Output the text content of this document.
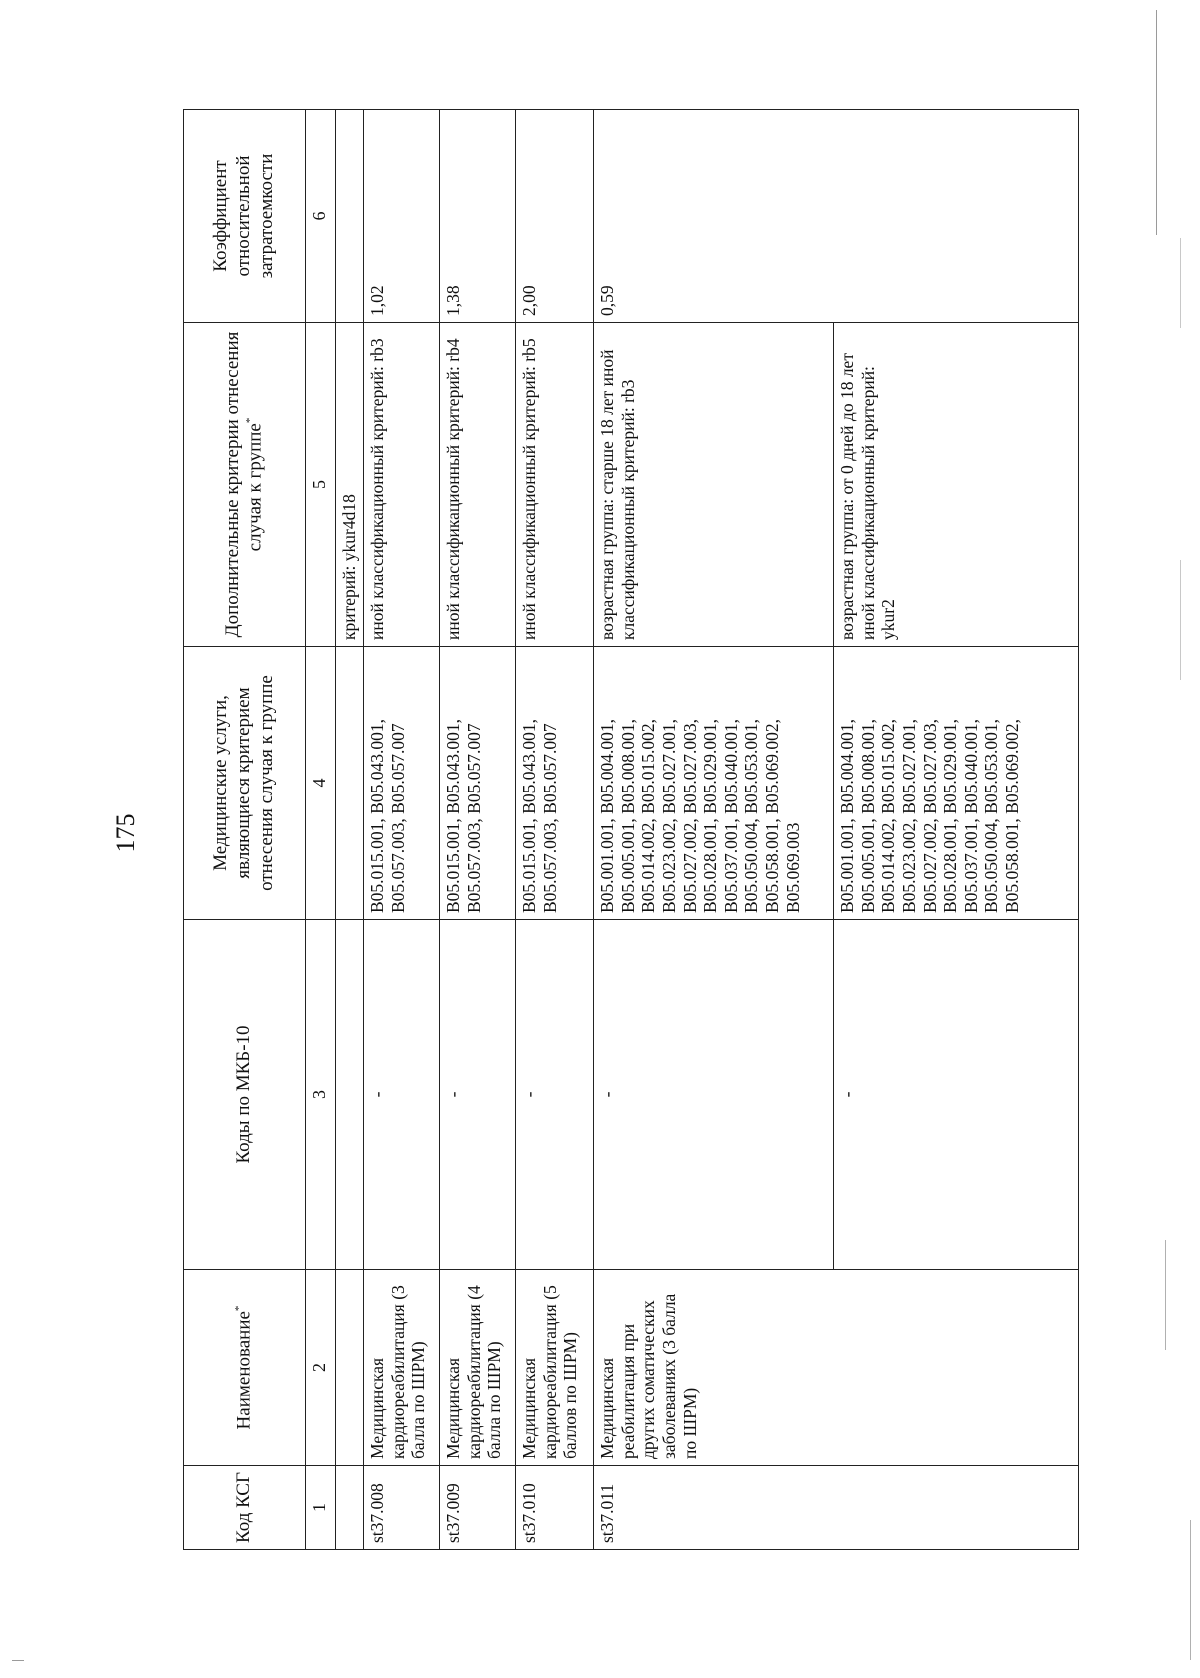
175
Код КСГ	Наименование*	Коды по МКБ-10	Медицинские услуги, являющиеся критерием отнесения случая к группе	Дополнительные критерии отнесения случая к группе*	Коэффициент относительной затратоемкости
1	2	3	4	5	6
				критерий: ykur4d18	
st37.008	Медицинская кардиореабилитация (3 балла по ШРМ)	-	B05.015.001, B05.043.001, B05.057.003, B05.057.007	иной классификационный критерий: rb3	1,02
st37.009	Медицинская кардиореабилитация (4 балла по ШРМ)	-	B05.015.001, B05.043.001, B05.057.003, B05.057.007	иной классификационный критерий: rb4	1,38
st37.010	Медицинская кардиореабилитация (5 баллов по ШРМ)	-	B05.015.001, B05.043.001, B05.057.003, B05.057.007	иной классификационный критерий: rb5	2,00
st37.011	Медицинская реабилитация при других соматических заболеваниях (3 балла по ШРМ)	-	B05.001.001, B05.004.001, B05.005.001, B05.008.001, B05.014.002, B05.015.002, B05.023.002, B05.027.001, B05.027.002, B05.027.003, B05.028.001, B05.029.001, B05.037.001, B05.040.001, B05.050.004, B05.053.001, B05.058.001, B05.069.002, B05.069.003	возрастная группа: старше 18 лет иной классификационный критерий: rb3	0,59
		-	B05.001.001, B05.004.001, B05.005.001, B05.008.001, B05.014.002, B05.015.002, B05.023.002, B05.027.001, B05.027.002, B05.027.003, B05.028.001, B05.029.001, B05.037.001, B05.040.001, B05.050.004, B05.053.001, B05.058.001, B05.069.002,	возрастная группа: от 0 дней до 18 лет иной классификационный критерий: ykur2	
